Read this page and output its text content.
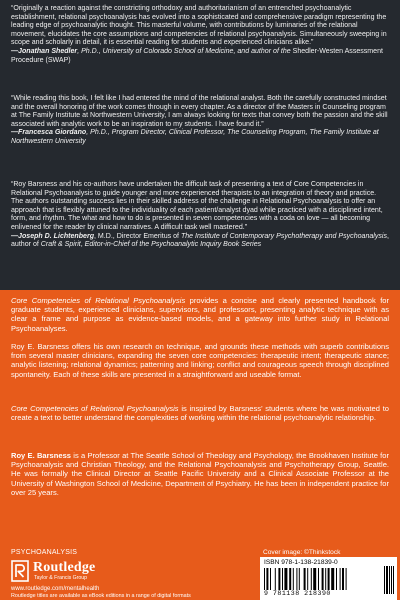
“Originally a reaction against the constricting orthodoxy and authoritarianism of an entrenched psychoanalytic establishment, relational psychoanalysis has evolved into a sophisticated and comprehensive paradigm representing the leading edge of psychoanalytic thought. This masterful volume, with contributions by luminaries of the relational movement, elucidates the core assumptions and competencies of relational psychoanalysis. Simultaneously sweeping in scope and scholarly in detail, it is essential reading for students and experienced clinicians alike.”
—Jonathan Shedler, Ph.D., University of Colorado School of Medicine, and author of the Shedler-Westen Assessment Procedure (SWAP)

“While reading this book, I felt like I had entered the mind of the relational analyst. Both the carefully constructed mindset and the overall honoring of the work comes through in every chapter. As a director of the Masters in Counseling program at The Family Institute at Northwestern University, I am always looking for texts that convey both the passion and the skill associated with analytic work to be an inspiration to my students. I have found it.”
—Francesca Giordano, Ph.D., Program Director, Clinical Professor, The Counseling Program, The Family Institute at Northwestern University

“Roy Barsness and his co-authors have undertaken the difficult task of presenting a text of Core Competencies in Relational Psychoanalysis to guide younger and more experienced therapists to an integration of theory and practice. The authors outstanding success lies in their skilled address of the challenge in Relational Psychoanalysis to offer an approach that is flexibly attuned to the individuality of each patient/analyst dyad while practiced with a disciplined intent, form, and rhythm. The what and how to do is presented in seven competencies with a coda on love — all becoming enlivened for the reader by clinical narratives. A difficult task well mastered.”
—Joseph D. Lichtenberg, M.D., Director Emeritus of The Institute of Contemporary Psychotherapy and Psychoanalysis, author of Craft & Spirit, Editor-in-Chief of the Psychoanalytic Inquiry Book Series

Core Competencies of Relational Psychoanalysis provides a concise and clearly presented handbook for graduate students, experienced clinicians, supervisors, and professors, presenting analytic technique with as clear a frame and purpose as evidence-based models, and a gateway into further study in Relational Psychoanalyses.

Roy E. Barsness offers his own research on technique, and grounds these methods with superb contributions from several master clinicians, expanding the seven core competencies: therapeutic intent; therapeutic stance; analytic listening; relational dynamics; patterning and linking; conflict and courageous speech through disciplined spontaneity. Each of these skills are presented in a straightforward and useable format.

Core Competencies of Relational Psychoanalysis is inspired by Barsness’ students where he was motivated to create a text to better understand the complexities of working within the relational psychoanalytic relationship.

Roy E. Barsness is a Professor at The Seattle School of Theology and Psychology, the Brookhaven Institute for Psychoanalysis and Christian Theology, and the Relational Psychoanalysis and Psychotherapy Group, Seattle. He was formally the Clinical Director at Seattle Pacific University and a Clinical Associate Professor at the University of Washington School of Medicine, Department of Psychiatry. He has been in independent practice for over 25 years.

PSYCHOANALYSIS
Routledge
Taylor & Francis Group
www.routledge.com/mentalhealth
Routledge titles are available as eBook editions in a range of digital formats
Cover image: ©Thinkstock
ISBN 978-1-138-21839-0
9 781138 218390
